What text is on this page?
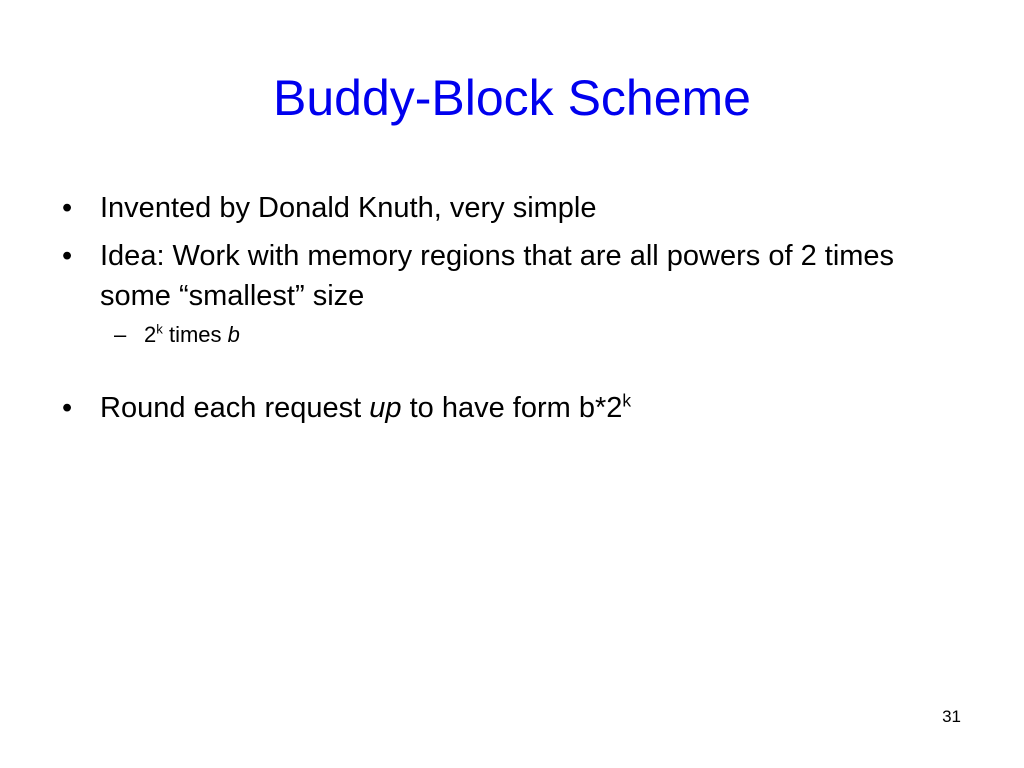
Buddy-Block Scheme
• Invented by Donald Knuth, very simple
• Idea: Work with memory regions that are all powers of 2 times some “smallest” size
– 2$^k$ times b
• Round each request up to have form b*2$^k$
31
